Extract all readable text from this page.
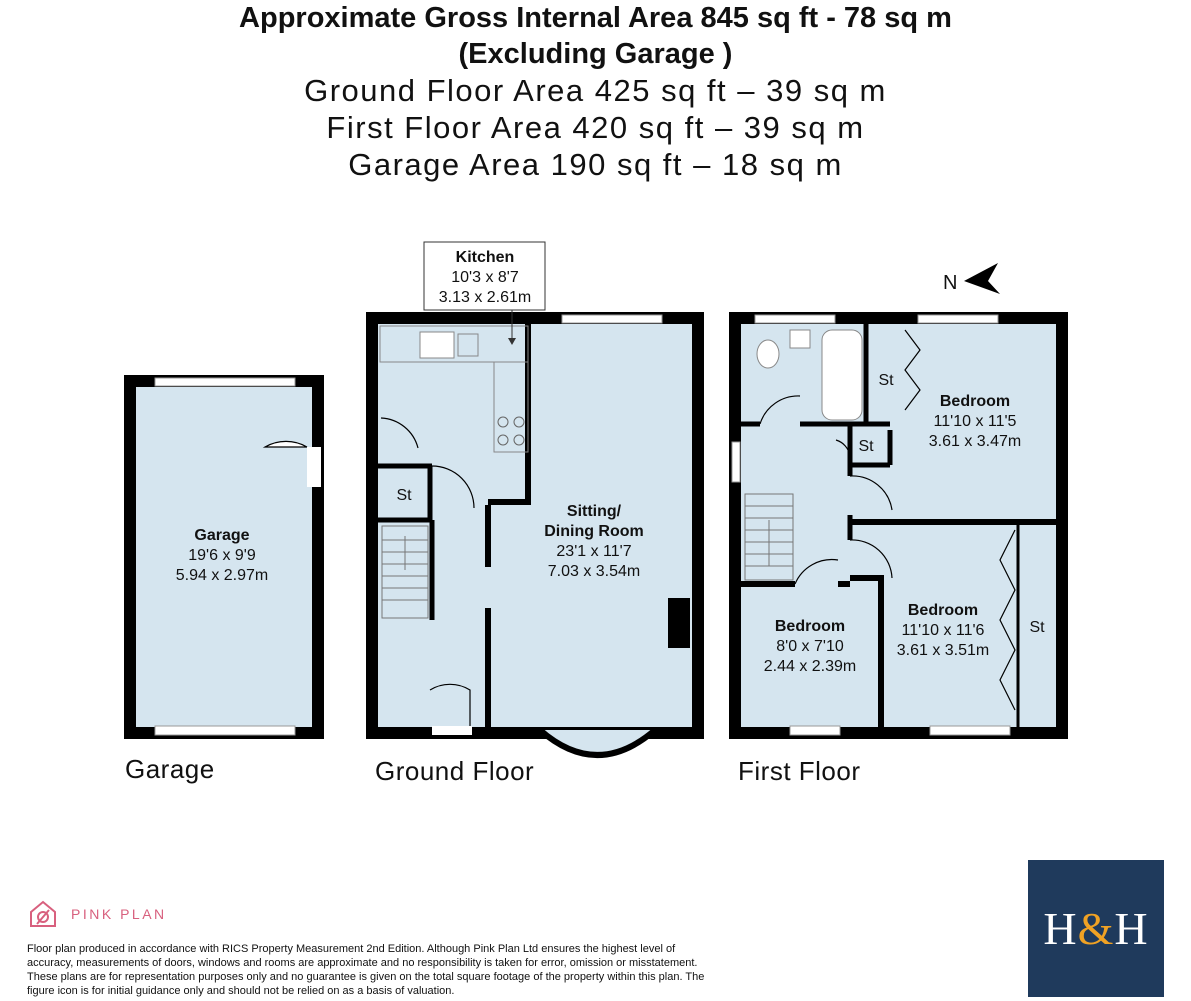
Approximate Gross Internal Area 845 sq ft - 78 sq m
(Excluding Garage )
Ground Floor Area 425 sq ft – 39 sq m
First Floor Area 420 sq ft – 39 sq m
Garage Area 190 sq ft – 18 sq m
Garage
19'6 x 9'9
5.94 x 2.97m
St
Sitting/
Dining Room
23'1 x 11'7
7.03 x 3.54m
Kitchen
10'3 x 8'7
3.13 x 2.61m
St
St
St
Bedroom
11'10 x 11'5
3.61 x 3.47m
Bedroom
8'0 x 7'10
2.44 x 2.39m
Bedroom
11'10 x 11'6
3.61 x 3.51m
N
Garage	Ground Floor	First Floor
PINK PLAN
Floor plan produced in accordance with RICS Property Measurement 2nd Edition. Although Pink Plan Ltd ensures the highest level of accuracy, measurements of doors, windows and rooms are approximate and no responsibility is taken for error, omission or misstatement. These plans are for representation purposes only and no guarantee is given on the total square footage of the property within this plan. The figure icon is for initial guidance only and should not be relied on as a basis of valuation.
H&H
